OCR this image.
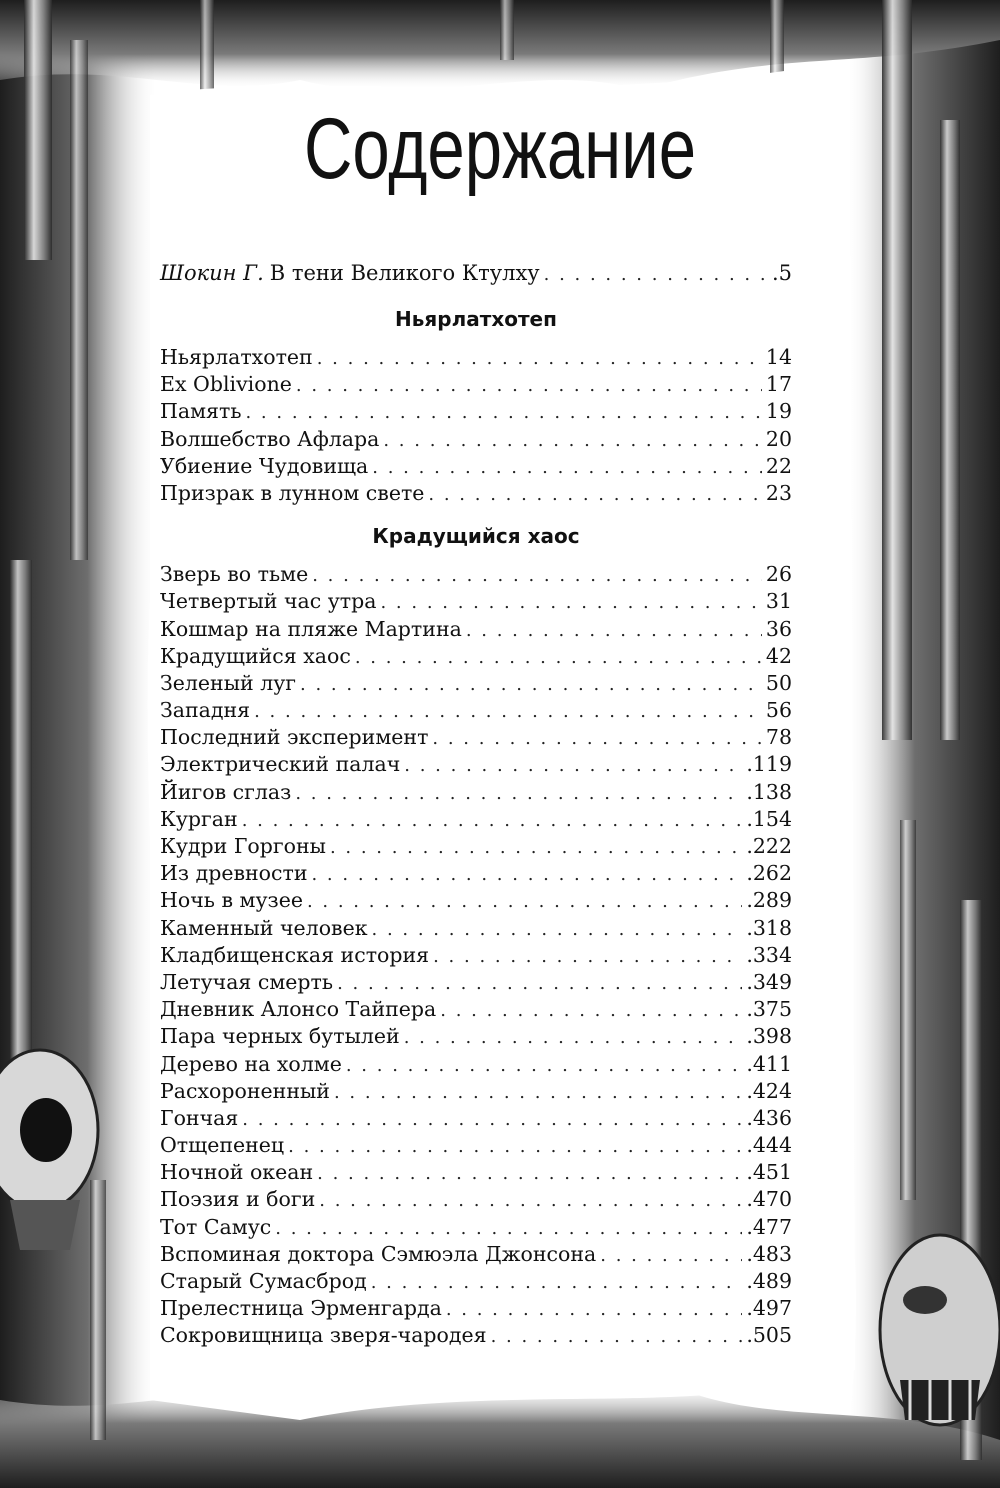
Содержание
Шокин Г. В тени Великого Ктулху . . .	.5
Ньярлатхотеп
Ньярлатхотеп . . .	14
Ex Oblivione . . .	17
Память . . .	19
Волшебство Афлара . . .	20
Убиение Чудовища . . .	22
Призрак в лунном свете . . .	23
Крадущийся хаос
Зверь во тьме . . .	26
Четвертый час утра . . .	31
Кошмар на пляже Мартина . . .	36
Крадущийся хаос . . .	42
Зеленый луг . . .	50
Западня . . .	56
Последний эксперимент . . .	78
Электрический палач . . .	.119
Йигов сглаз . . .	.138
Курган . . .	.154
Кудри Горгоны . . .	.222
Из древности . . .	.262
Ночь в музее . . .	.289
Каменный человек . . .	.318
Кладбищенская история . . .	.334
Летучая смерть . . .	.349
Дневник Алонсо Тайпера . . .	.375
Пара черных бутылей . . .	.398
Дерево на холме . . .	.411
Расхороненный . . .	.424
Гончая . . .	.436
Отщепенец . . .	.444
Ночной океан . . .	.451
Поэзия и боги . . .	.470
Тот Самус . . .	.477
Вспоминая доктора Сэмюэла Джонсона . . .	.483
Старый Сумасброд . . .	.489
Прелестница Эрменгарда . . .	.497
Сокровищница зверя-чародея . . .	.505
